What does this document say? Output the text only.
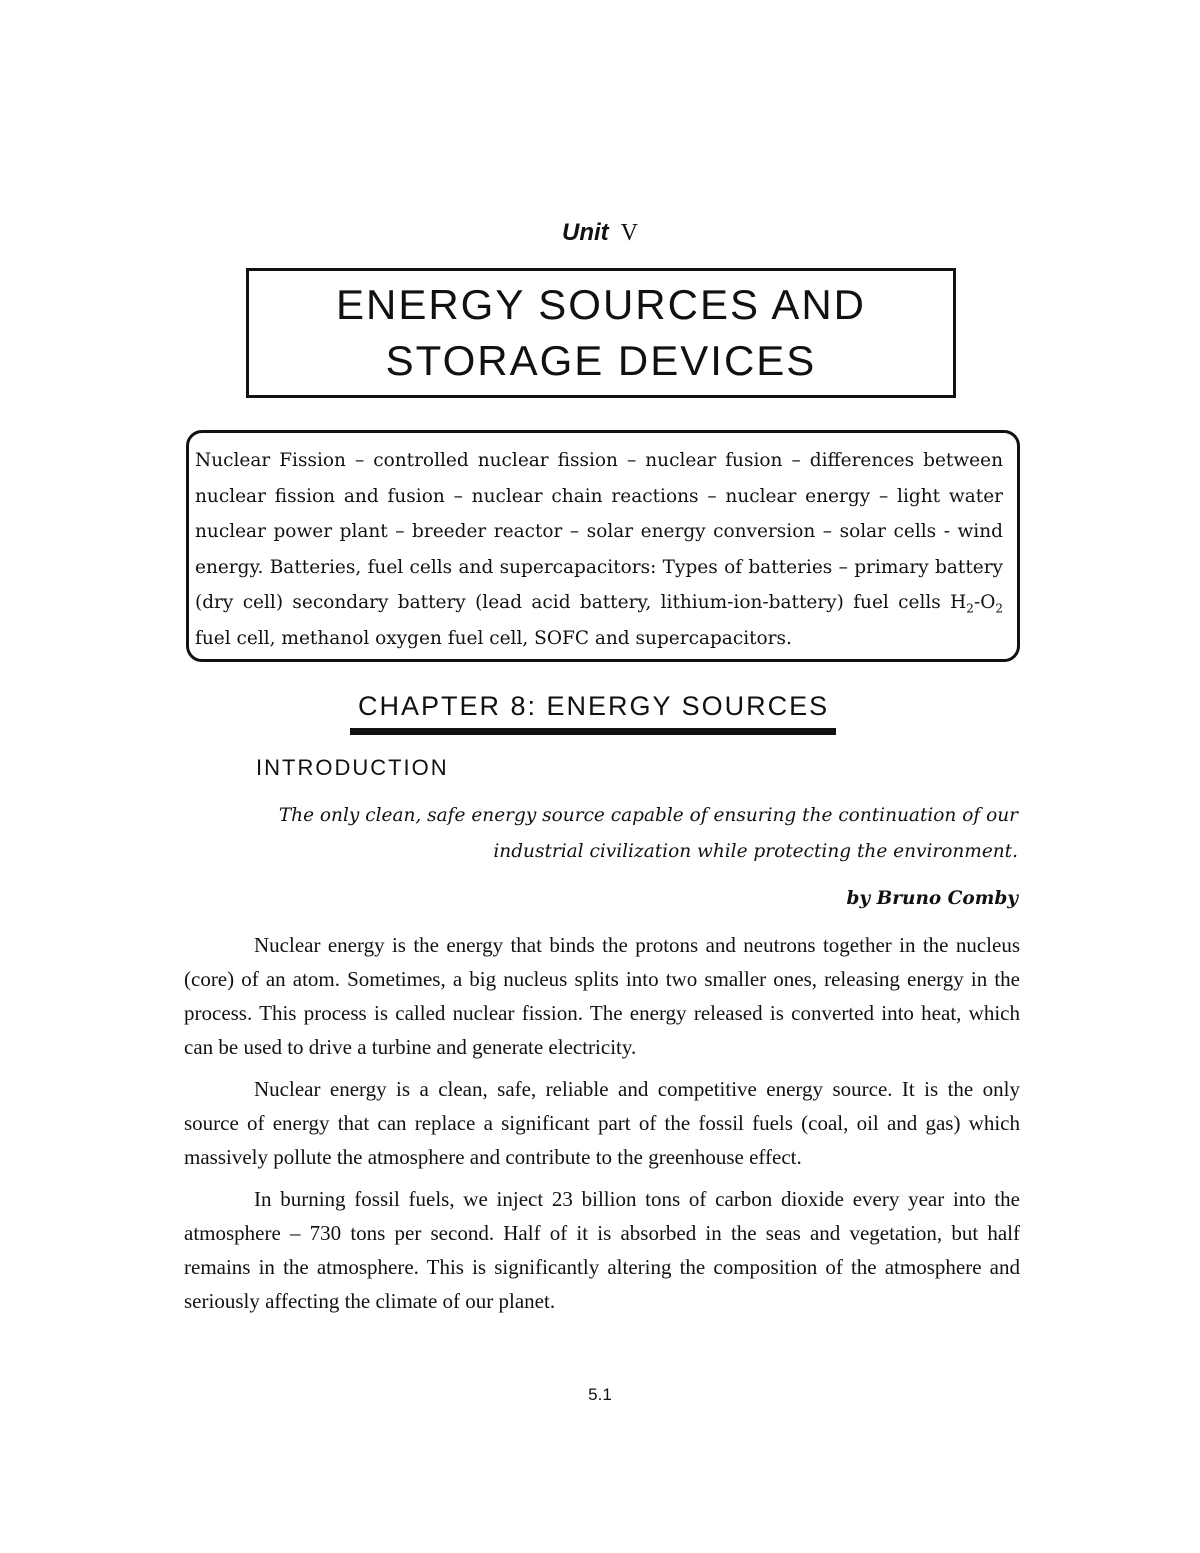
Unit V
ENERGY SOURCES AND
STORAGE DEVICES
Nuclear Fission – controlled nuclear fission – nuclear fusion – differences between nuclear fission and fusion – nuclear chain reactions – nuclear energy – light water nuclear power plant – breeder reactor – solar energy conversion – solar cells - wind energy. Batteries, fuel cells and supercapacitors: Types of batteries – primary battery (dry cell) secondary battery (lead acid battery, lithium-ion-battery) fuel cells $H_2-O_2$ fuel cell, methanol oxygen fuel cell, SOFC and supercapacitors.
CHAPTER 8: ENERGY SOURCES
INTRODUCTION
The only clean, safe energy source capable of ensuring the continuation of our
industrial civilization while protecting the environment.
by Bruno Comby

Nuclear energy is the energy that binds the protons and neutrons together in the nucleus (core) of an atom. Sometimes, a big nucleus splits into two smaller ones, releasing energy in the process. This process is called nuclear fission. The energy released is converted into heat, which can be used to drive a turbine and generate electricity.

Nuclear energy is a clean, safe, reliable and competitive energy source. It is the only source of energy that can replace a significant part of the fossil fuels (coal, oil and gas) which massively pollute the atmosphere and contribute to the greenhouse effect.

In burning fossil fuels, we inject 23 billion tons of carbon dioxide every year into the atmosphere – 730 tons per second. Half of it is absorbed in the seas and vegetation, but half remains in the atmosphere. This is significantly altering the composition of the atmosphere and seriously affecting the climate of our planet.

5.1
